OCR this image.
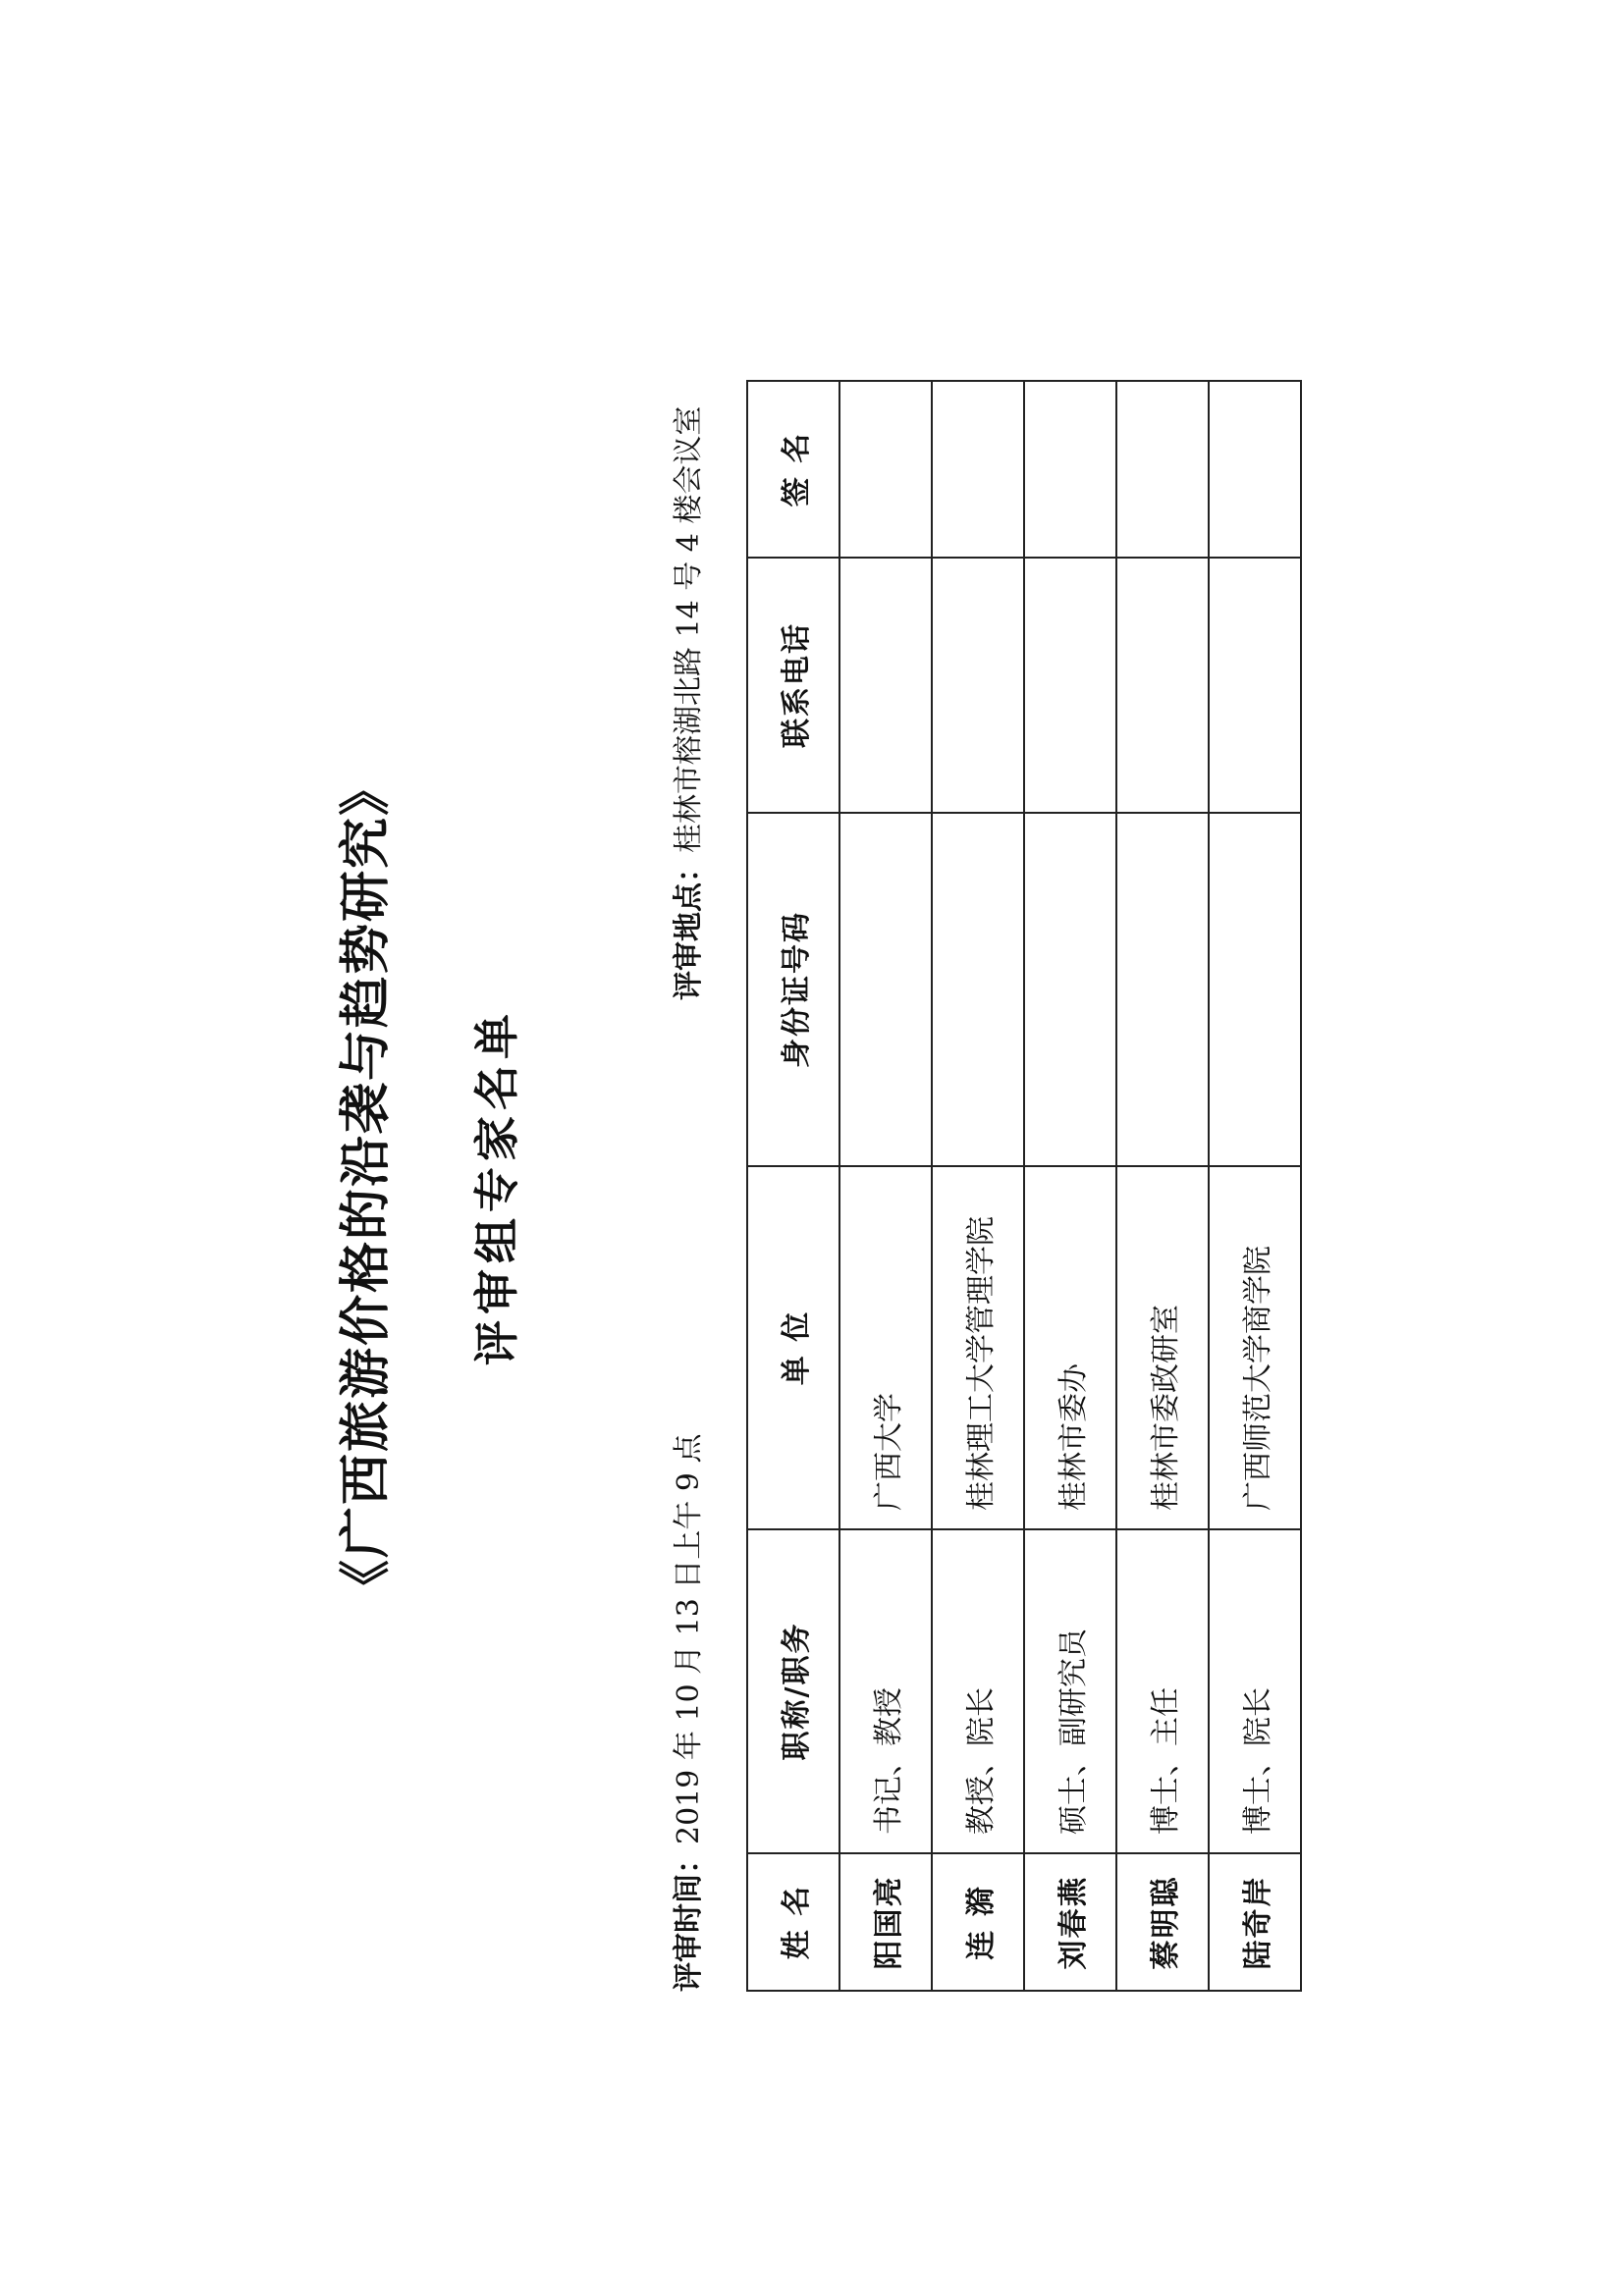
《广西旅游价格的沿袭与趋势研究》 评审组专家名单
评审时间：2019 年 10 月 13 日上午 9 点
评审地点：桂林市榕湖北路 14 号 4 楼会议室
姓 名	职称/职务	单 位	身份证号码	联系电话	签 名
阳国亮	书记、教授	广西大学			
连 漪	教授、院长	桂林理工大学管理学院			
刘春燕	硕士、副研究员	桂林市委办			
蔡明聪	博士、主任	桂林市委政研室			
陆奇岸	博士、院长	广西师范大学商学院			
